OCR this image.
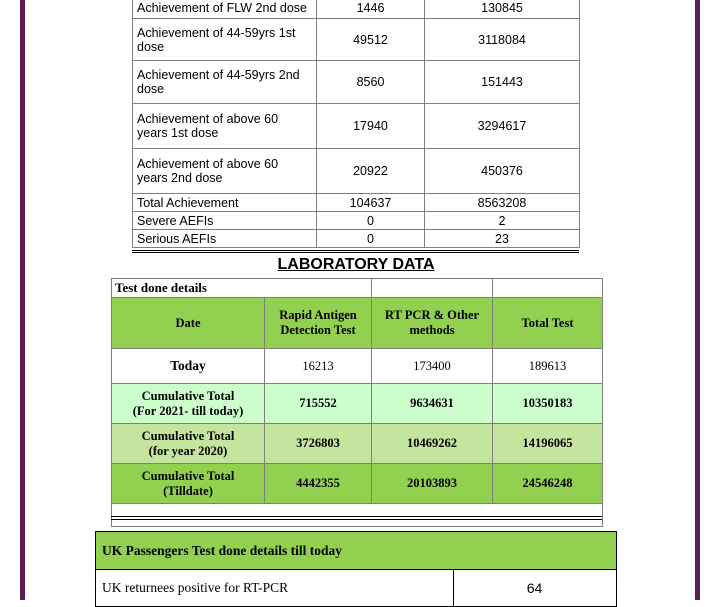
Achievement of FLW 2nd dose	1446	130845
Achievement of 44-59yrs 1st dose	49512	3118084
Achievement of 44-59yrs 2nd dose	8560	151443
Achievement of above 60 years 1st dose	17940	3294617
Achievement of above 60 years 2nd dose	20922	450376
Total Achievement	104637	8563208
Severe AEFIs	0	2
Serious AEFIs	0	23
LABORATORY DATA
Test done details			
Date	Rapid Antigen Detection Test	RT PCR & Other methods	Total Test
Today	16213	173400	189613

Cumulative Total
(For 2021- till today)	715552	9634631	10350183

Cumulative Total
(for year 2020)	3726803	10469262	14196065

Cumulative Total
(Tilldate)	4442355	20103893	24546248

UK Passengers Test done details till today
UK returnees positive for RT-PCR	64
